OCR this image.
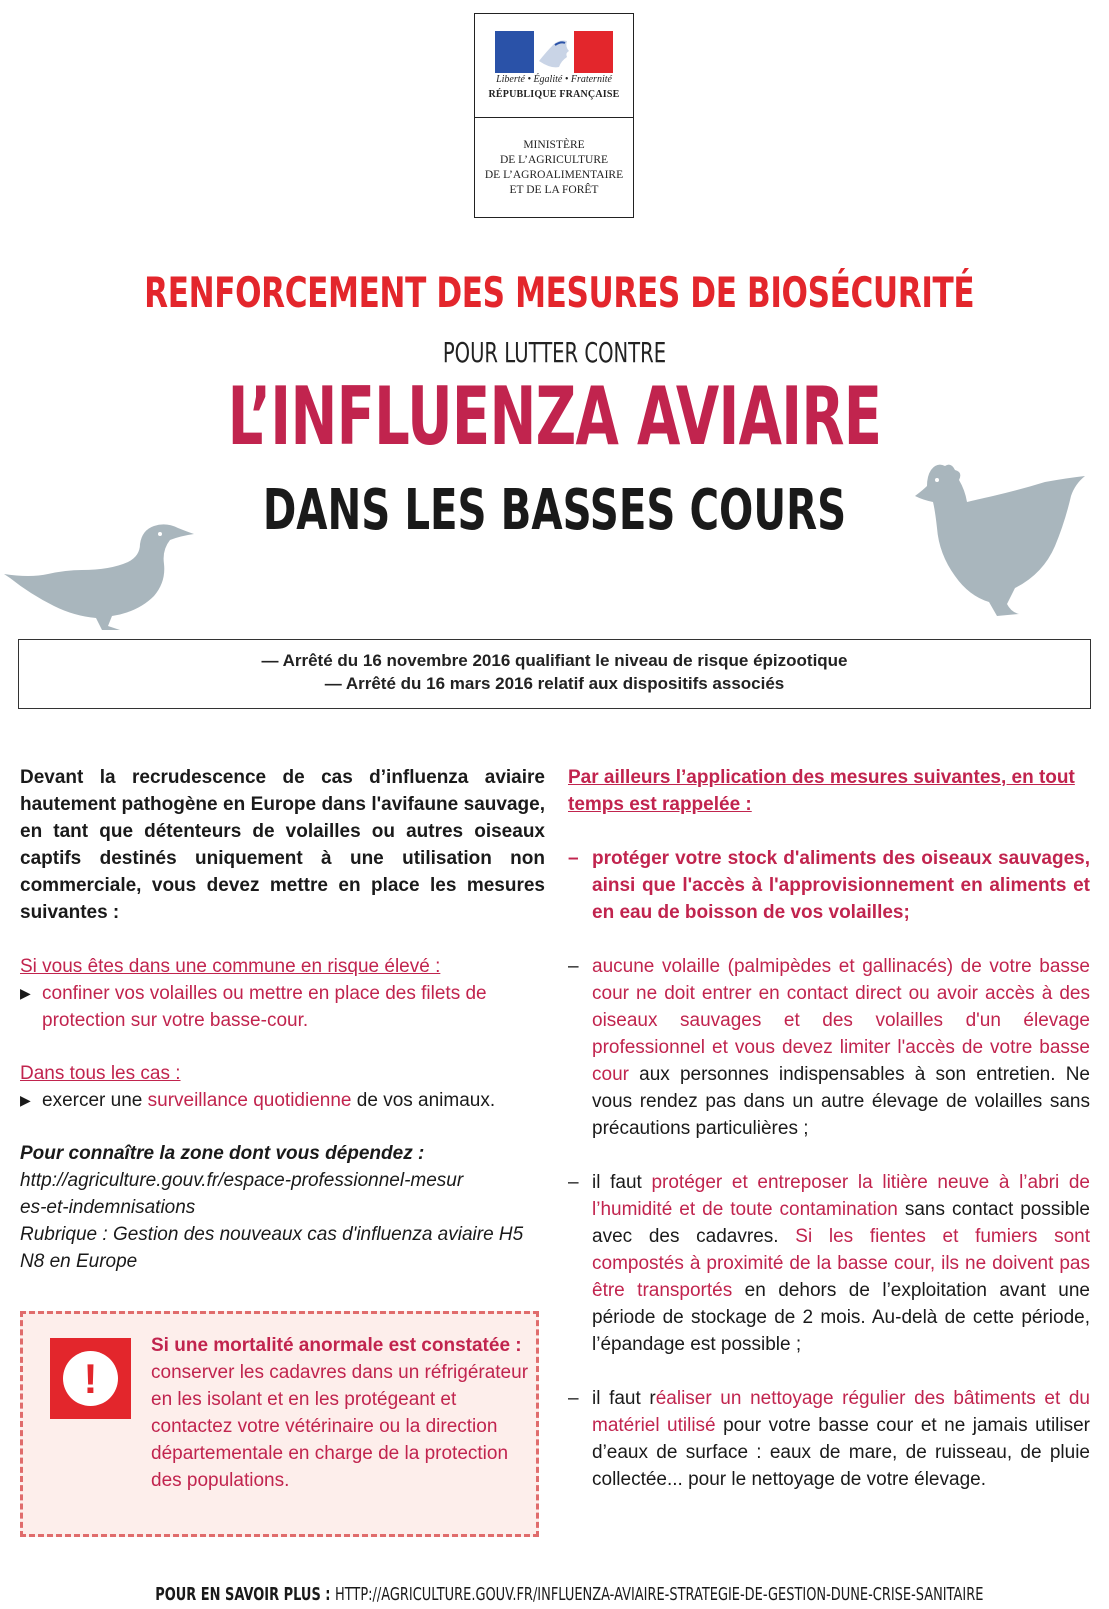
Liberté • Égalité • Fraternité
RÉPUBLIQUE FRANÇAISE
MINISTÈRE
DE L’AGRICULTURE
DE L’AGROALIMENTAIRE
ET DE LA FORÊT
RENFORCEMENT DES MESURES DE BIOSÉCURITÉ
POUR LUTTER CONTRE
L’INFLUENZA AVIAIRE
DANS LES BASSES COURS
— Arrêté du 16 novembre 2016 qualifiant le niveau de risque épizootique
— Arrêté du 16 mars 2016 relatif aux dispositifs associés

Devant la recrudescence de cas d’influenza aviaire hautement pathogène en Europe dans l'avifaune sauvage, en tant que détenteurs de volailles ou autres oiseaux captifs destinés uniquement à une utilisation non commerciale, vous devez mettre en place les mesures suivantes :

Si vous êtes dans une commune en risque élevé :

▶ confiner vos volailles ou mettre en place des filets de protection sur votre basse-cour.

Dans tous les cas :

▶ exercer une surveillance quotidienne de vos animaux.

Pour connaître la zone dont vous dépendez :

http://agriculture.gouv.fr/espace-professionnel-mesures-et-indemnisations

Rubrique : Gestion des nouveaux cas d'influenza aviaire H5 N8 en Europe

!
Si une mortalité anormale est constatée : conserver les cadavres dans un réfrigérateur en les isolant et en les protégeant et contactez votre vétérinaire ou la direction départementale en charge de la protection des populations.

Par ailleurs l’application des mesures suivantes, en tout temps est rappelée :

– protéger votre stock d'aliments des oiseaux sauvages, ainsi que l'accès à l'approvisionnement en aliments et en eau de boisson de vos volailles;
– aucune volaille (palmipèdes et gallinacés) de votre basse cour ne doit entrer en contact direct ou avoir accès à des oiseaux sauvages et des volailles d'un élevage professionnel et vous devez limiter l'accès de votre basse cour aux personnes indispensables à son entretien. Ne vous rendez pas dans un autre élevage de volailles sans précautions particulières ;
– il faut protéger et entreposer la litière neuve à l’abri de l’humidité et de toute contamination sans contact possible avec des cadavres. Si les fientes et fumiers sont compostés à proximité de la basse cour, ils ne doivent pas être transportés en dehors de l’exploitation avant une période de stockage de 2 mois. Au-delà de cette période, l’épandage est possible ;
– il faut réaliser un nettoyage régulier des bâtiments et du matériel utilisé pour votre basse cour et ne jamais utiliser d’eaux de surface : eaux de mare, de ruisseau, de pluie collectée... pour le nettoyage de votre élevage.
POUR EN SAVOIR PLUS : HTTP://AGRICULTURE.GOUV.FR/INFLUENZA-AVIAIRE-STRATEGIE-DE-GESTION-DUNE-CRISE-SANITAIRE
